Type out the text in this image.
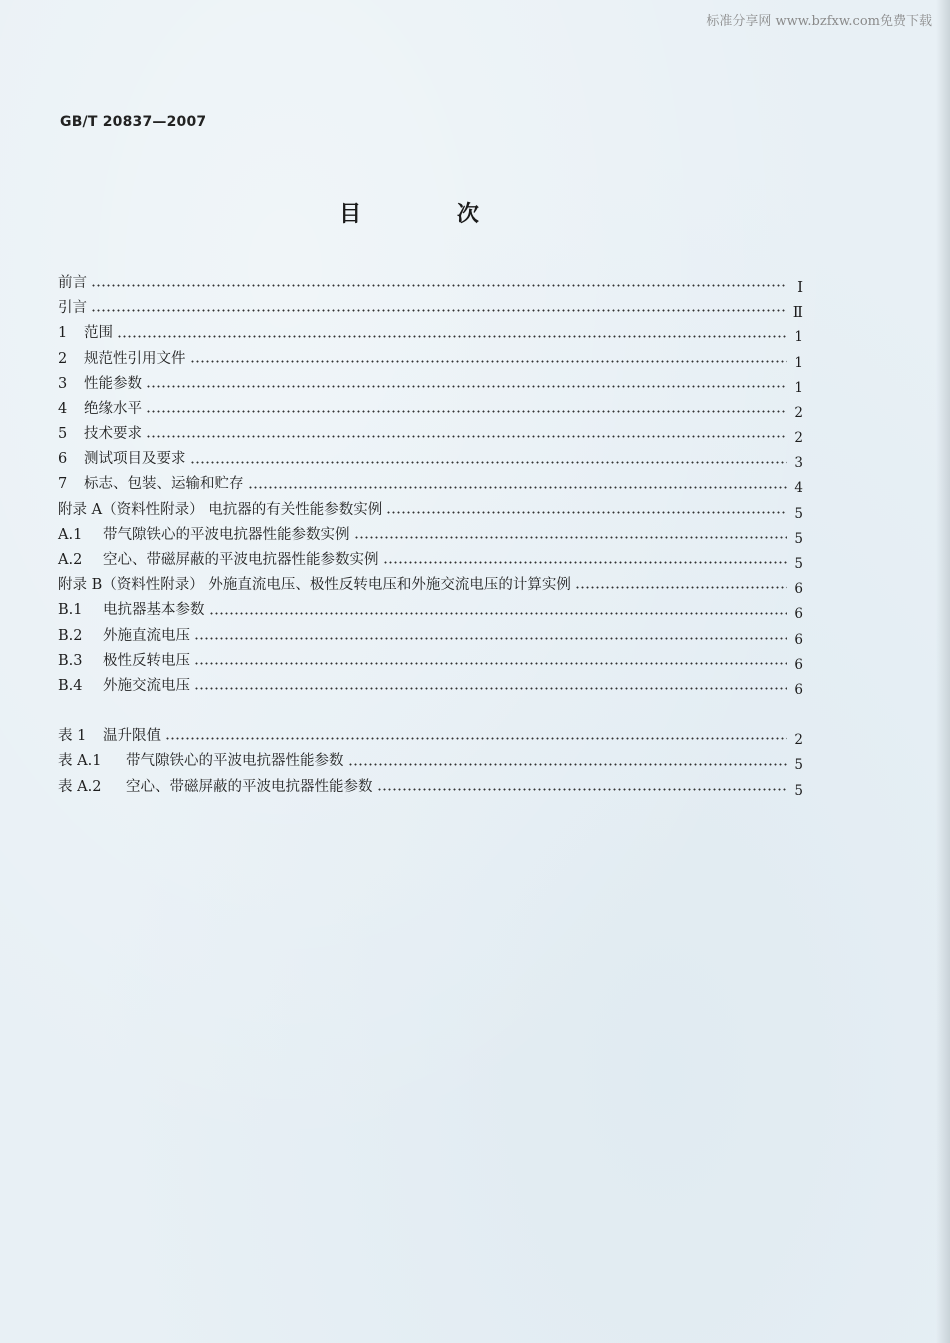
标准分享网 www.bzfxw.com免费下载
GB/T 20837—2007
目 次
前言	Ⅰ
引言	Ⅱ
1 范围	1
2 规范性引用文件	1
3 性能参数	1
4 绝缘水平	2
5 技术要求	2
6 测试项目及要求	3
7 标志、包装、运输和贮存	4
附录 A（资料性附录） 电抗器的有关性能参数实例	5
A.1 带气隙铁心的平波电抗器性能参数实例	5
A.2 空心、带磁屏蔽的平波电抗器性能参数实例	5
附录 B（资料性附录） 外施直流电压、极性反转电压和外施交流电压的计算实例	6
B.1 电抗器基本参数	6
B.2 外施直流电压	6
B.3 极性反转电压	6
B.4 外施交流电压	6
表 1 温升限值	2
表 A.1 带气隙铁心的平波电抗器性能参数	5
表 A.2 空心、带磁屏蔽的平波电抗器性能参数	5
